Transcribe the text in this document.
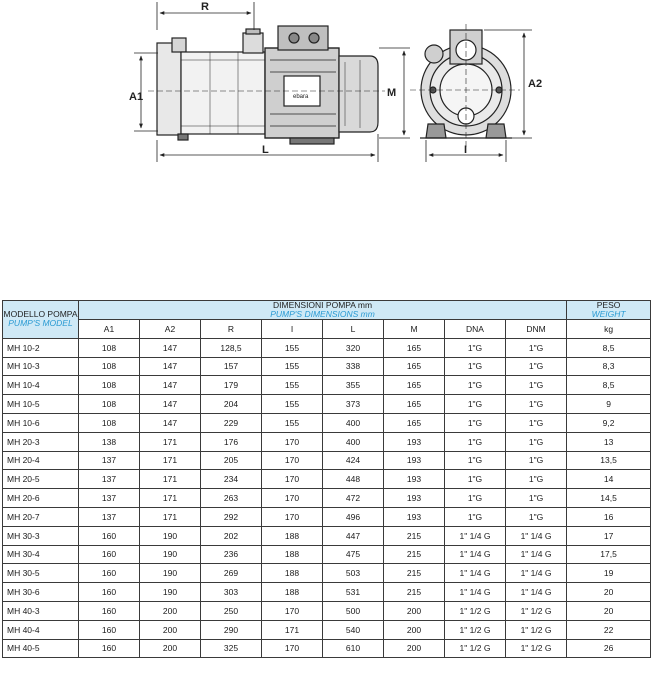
ebara
R
A1	M
L
A2
I
MODELLO POMPA
PUMP'S MODEL	DIMENSIONI POMPA mm
PUMP'S DIMENSIONS mm								PESO
WEIGHT

	A1	A2	R	I	L	M	DNA	DNM	kg
MH 10-2	108	147	128,5	155	320	165	1"G	1"G	8,5
MH 10-3	108	147	157	155	338	165	1"G	1"G	8,3
MH 10-4	108	147	179	155	355	165	1"G	1"G	8,5
MH 10-5	108	147	204	155	373	165	1"G	1"G	9
MH 10-6	108	147	229	155	400	165	1"G	1"G	9,2
MH 20-3	138	171	176	170	400	193	1"G	1"G	13
MH 20-4	137	171	205	170	424	193	1"G	1"G	13,5
MH 20-5	137	171	234	170	448	193	1"G	1"G	14
MH 20-6	137	171	263	170	472	193	1"G	1"G	14,5
MH 20-7	137	171	292	170	496	193	1"G	1"G	16
MH 30-3	160	190	202	188	447	215	1" 1/4 G	1" 1/4 G	17
MH 30-4	160	190	236	188	475	215	1" 1/4 G	1" 1/4 G	17,5
MH 30-5	160	190	269	188	503	215	1" 1/4 G	1" 1/4 G	19
MH 30-6	160	190	303	188	531	215	1" 1/4 G	1" 1/4 G	20
MH 40-3	160	200	250	170	500	200	1" 1/2 G	1" 1/2 G	20
MH 40-4	160	200	290	171	540	200	1" 1/2 G	1" 1/2 G	22
MH 40-5	160	200	325	170	610	200	1" 1/2 G	1" 1/2 G	26
